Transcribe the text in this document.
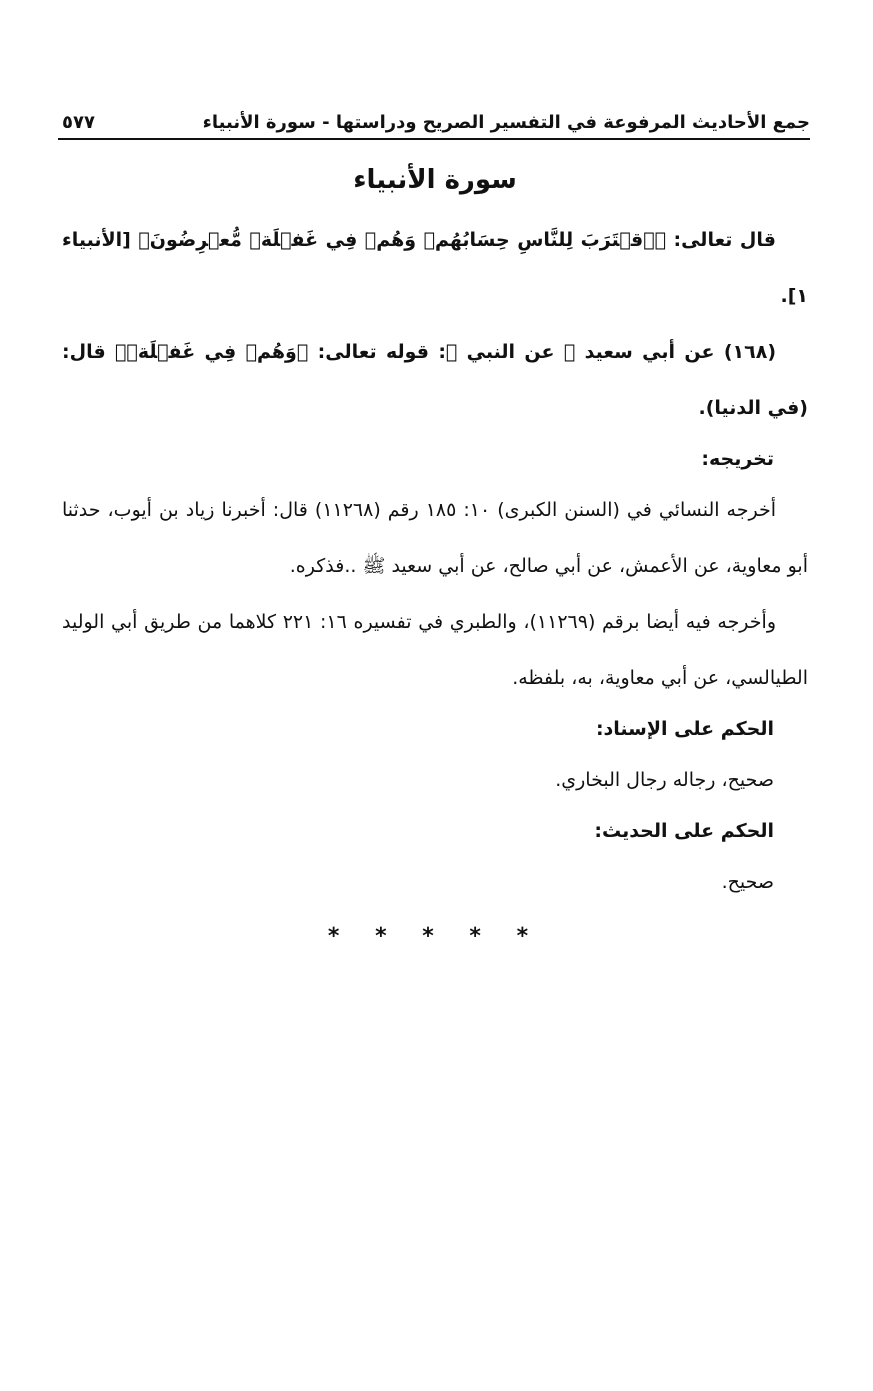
جمع الأحاديث المرفوعة في التفسير الصريح ودراستها - سورة الأنبياء
٥٧٧
سورة الأنبياء

قال تعالى: ﴿ٱقۡتَرَبَ لِلنَّاسِ حِسَابُهُمۡ وَهُمۡ فِي غَفۡلَةٖ مُّعۡرِضُونَ﴾ [الأنبياء ١].

(١٦٨) عن أبي سعيد ﷺ عن النبي ﷺ: قوله تعالى: ﴿وَهُمۡ فِي غَفۡلَةٖ﴾ قال: (في الدنيا).

تخريجه:

أخرجه النسائي في (السنن الكبرى) ١٠: ١٨٥ رقم (١١٢٦٨) قال: أخبرنا زياد بن أيوب، حدثنا أبو معاوية، عن الأعمش، عن أبي صالح، عن أبي سعيد ﷺ ..فذكره.

وأخرجه فيه أيضا برقم (١١٢٦٩)، والطبري في تفسيره ١٦: ٢٢١ كلاهما من طريق أبي الوليد الطيالسي، عن أبي معاوية، به، بلفظه.

الحكم على الإسناد:

صحيح، رجاله رجال البخاري.

الحكم على الحديث:

صحيح.

* * * * *
